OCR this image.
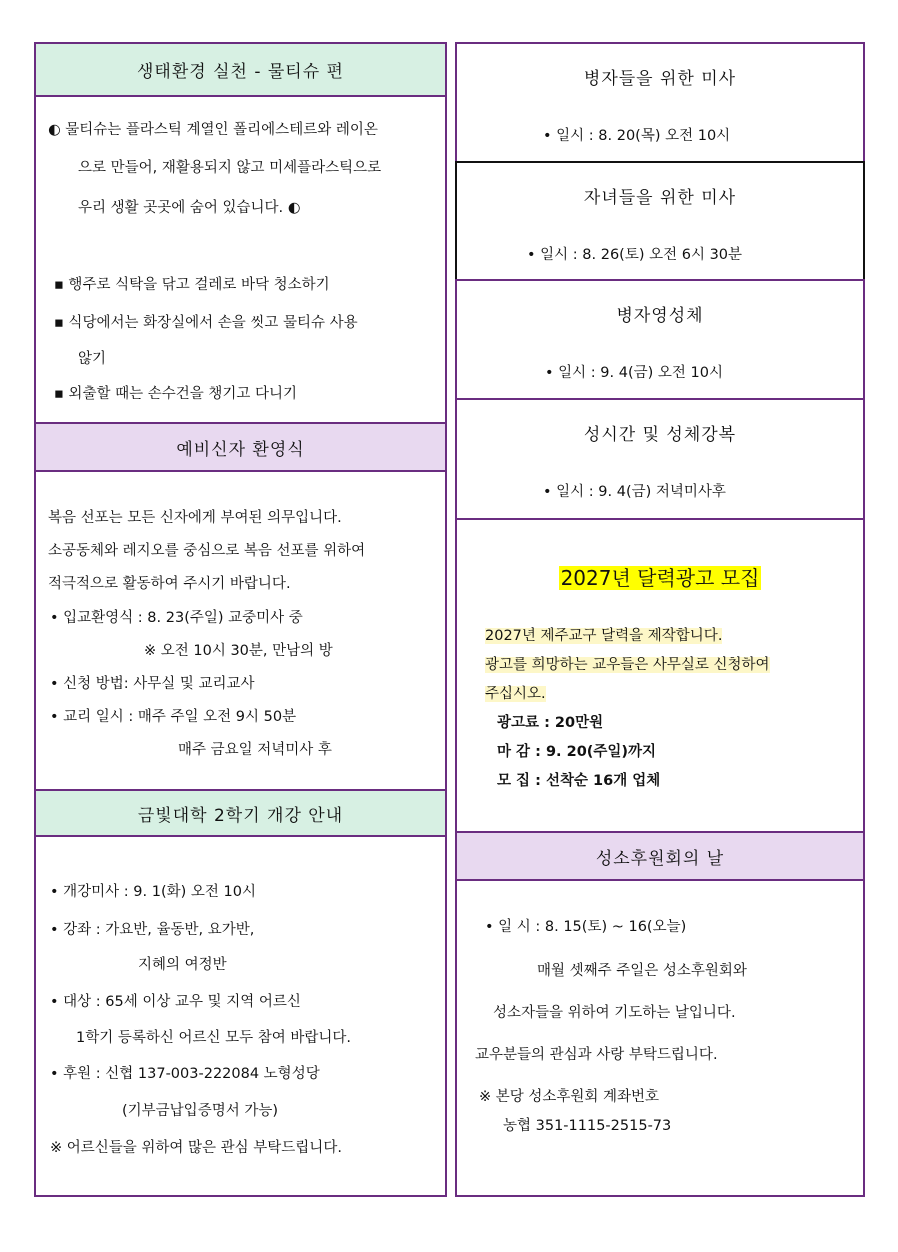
생태환경 실천 - 물티슈 편
◐ 물티슈는 플라스틱 계열인 폴리에스테르와 레이온
으로 만들어, 재활용되지 않고 미세플라스틱으로
우리 생활 곳곳에 숨어 있습니다. ◐
▪ 행주로 식탁을 닦고 걸레로 바닥 청소하기
▪ 식당에서는 화장실에서 손을 씻고 물티슈 사용
않기
▪ 외출할 때는 손수건을 챙기고 다니기
예비신자 환영식
복음 선포는 모든 신자에게 부여된 의무입니다.
소공동체와 레지오를 중심으로 복음 선포를 위하여
적극적으로 활동하여 주시기 바랍니다.
• 입교환영식 : 8. 23(주일) 교중미사 중
※ 오전 10시 30분, 만남의 방
• 신청 방법: 사무실 및 교리교사
• 교리 일시 : 매주 주일 오전 9시 50분
매주 금요일 저녁미사 후
금빛대학 2학기 개강 안내
• 개강미사 : 9. 1(화) 오전 10시
• 강좌 : 가요반, 율동반, 요가반,
지혜의 여정반
• 대상 : 65세 이상 교우 및 지역 어르신
1학기 등록하신 어르신 모두 참여 바랍니다.
• 후원 : 신협 137-003-222084 노형성당
(기부금납입증명서 가능)
※ 어르신들을 위하여 많은 관심 부탁드립니다.
병자들을 위한 미사
• 일시 : 8. 20(목) 오전 10시
자녀들을 위한 미사
• 일시 : 8. 26(토) 오전 6시 30분
병자영성체
• 일시 : 9. 4(금) 오전 10시
성시간 및 성체강복
• 일시 : 9. 4(금) 저녁미사후
2027년 달력광고 모집
2027년 제주교구 달력을 제작합니다.
광고를 희망하는 교우들은 사무실로 신청하여
주십시오.
광고료 : 20만원
마 감 : 9. 20(주일)까지
모 집 : 선착순 16개 업체
성소후원회의 날
• 일 시 : 8. 15(토) ~ 16(오늘)
매월 셋째주 주일은 성소후원회와
성소자들을 위하여 기도하는 날입니다.
교우분들의 관심과 사랑 부탁드립니다.
※ 본당 성소후원회 계좌번호
농협 351-1115-2515-73
